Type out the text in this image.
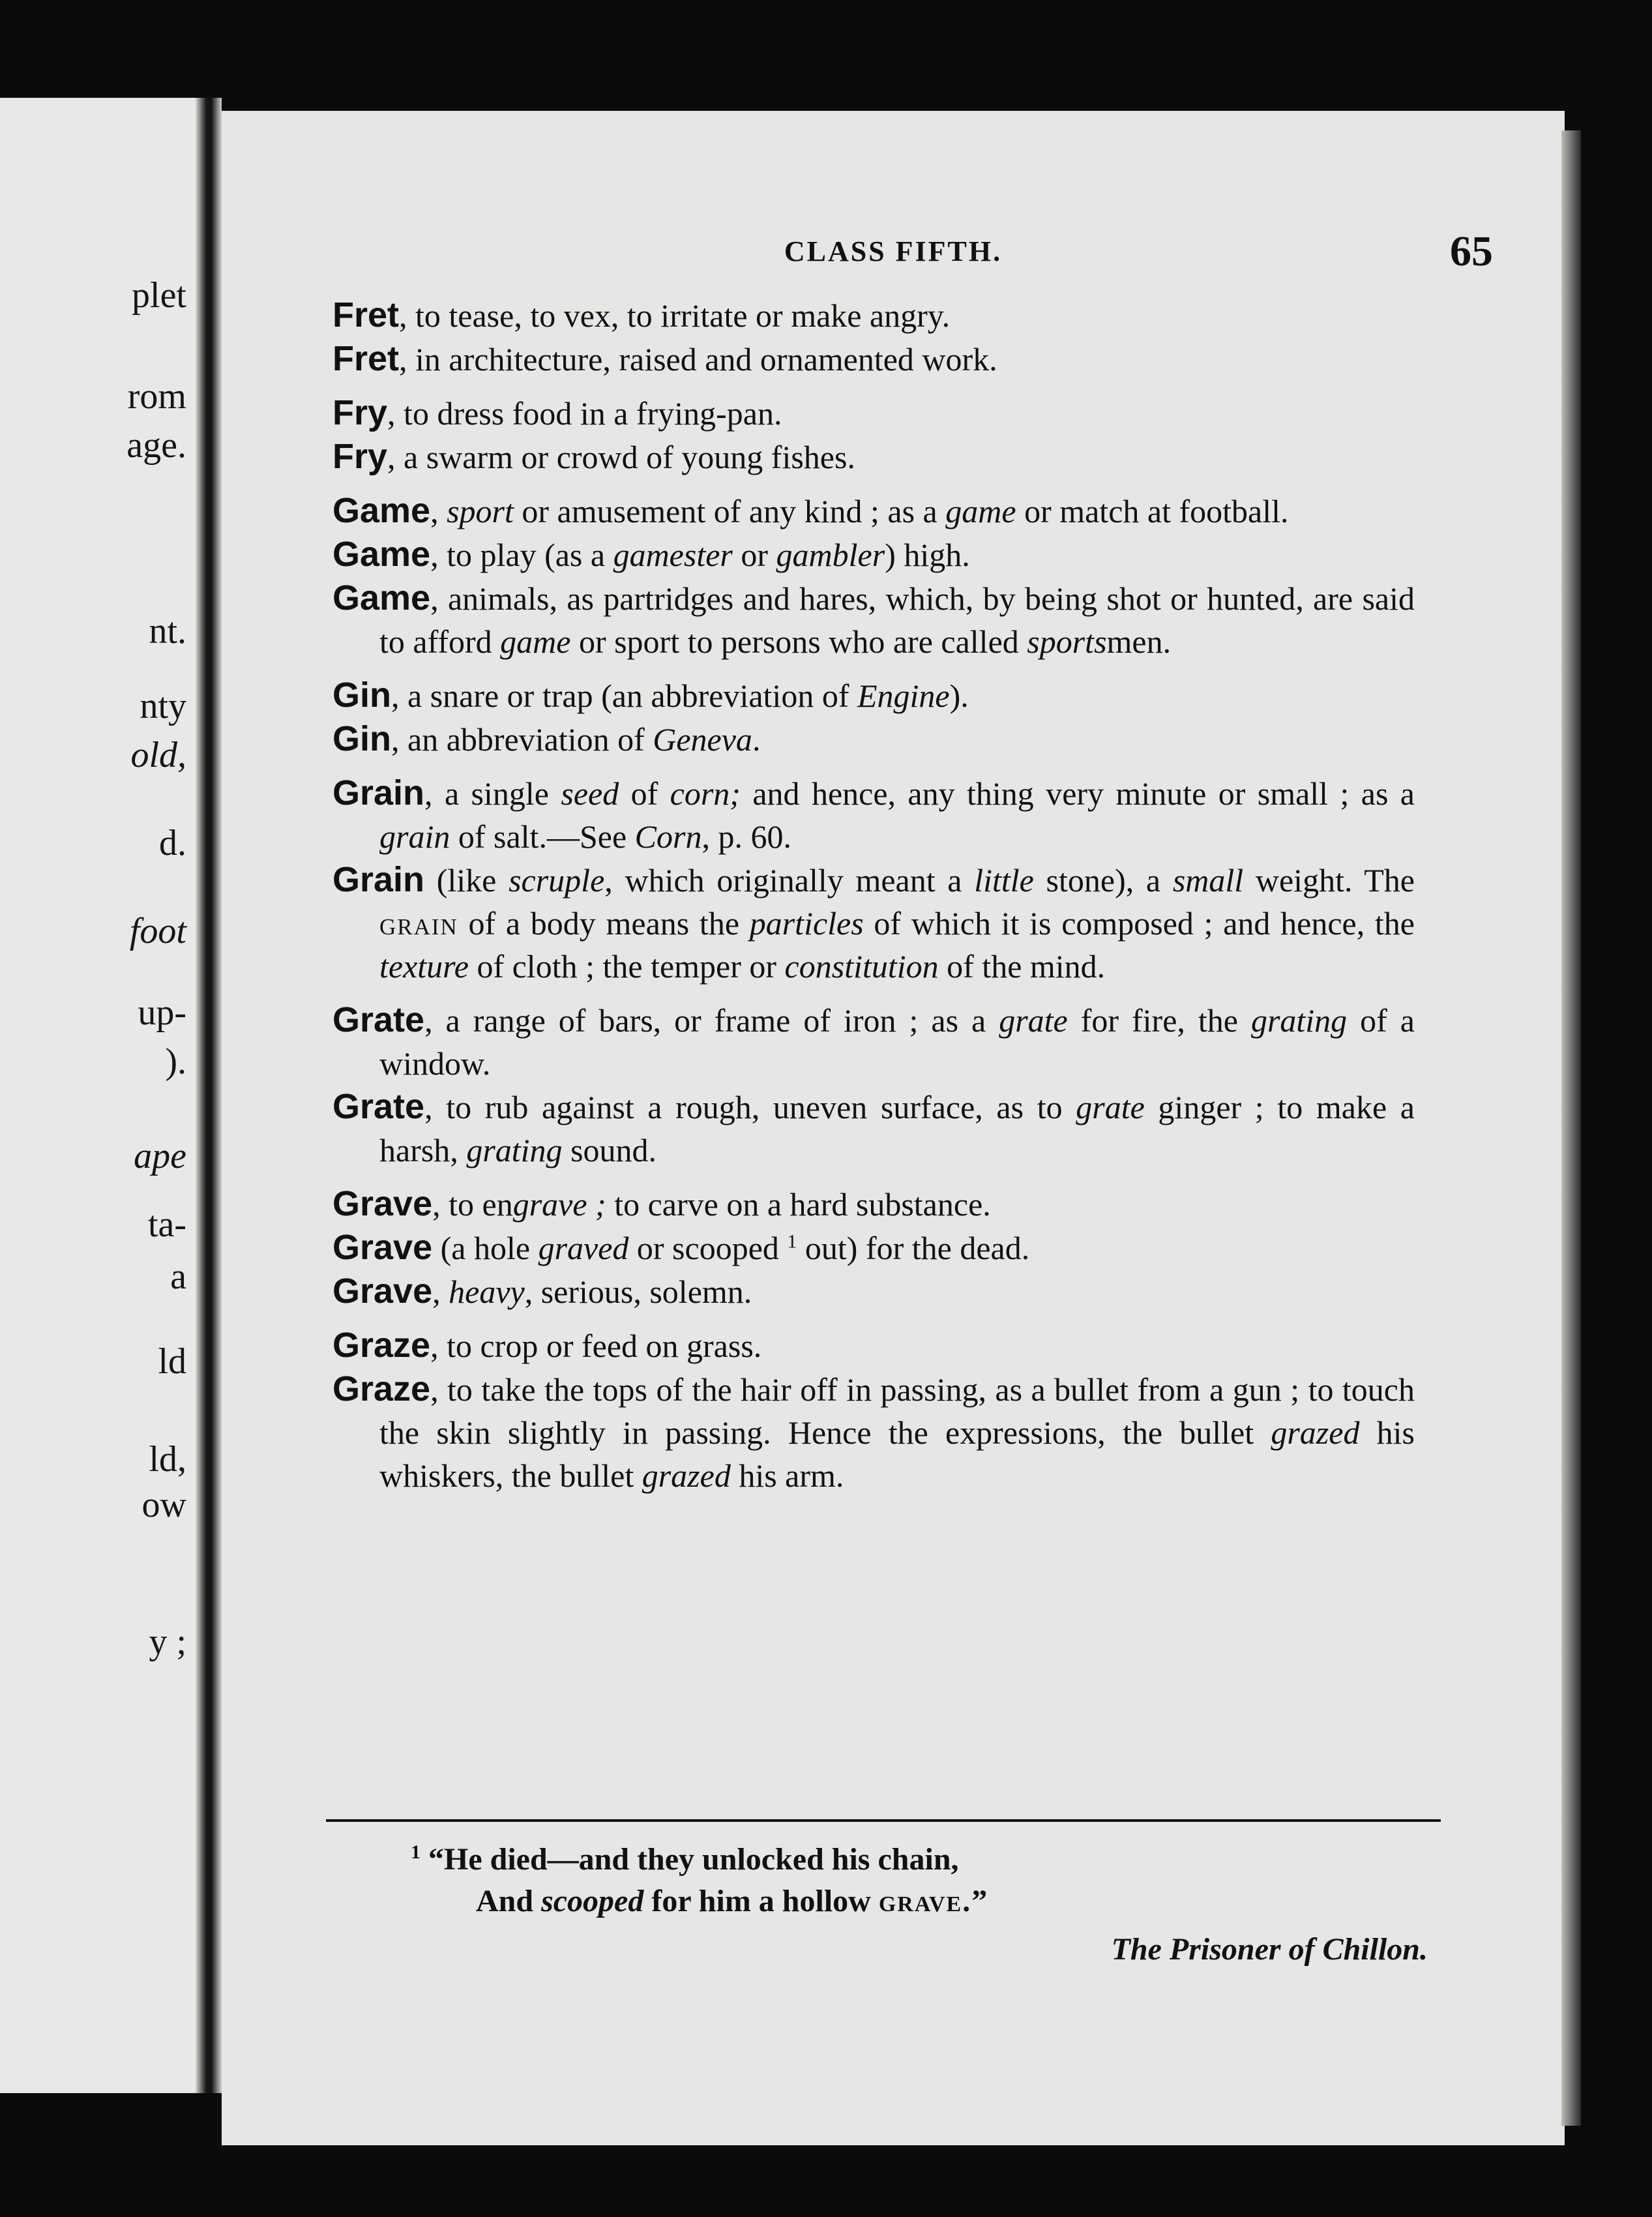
plet
rom
age.
nt.
nty
old,
d.
foot
up-
).
ape
ta-
a
ld
ld,
ow
y ;
CLASS FIFTH.	65
Fret, to tease, to vex, to irritate or make angry.
Fret, in architecture, raised and ornamented work.
Fry, to dress food in a frying-pan.
Fry, a swarm or crowd of young fishes.
Game, sport or amusement of any kind ; as a game or match at football.
Game, to play (as a gamester or gambler) high.
Game, animals, as partridges and hares, which, by being shot or hunted, are said to afford game or sport to persons who are called sportsmen.
Gin, a snare or trap (an abbreviation of Engine).
Gin, an abbreviation of Geneva.
Grain, a single seed of corn; and hence, any thing very minute or small ; as a grain of salt.—See Corn, p. 60.
Grain (like scruple, which originally meant a little stone), a small weight. The grain of a body means the particles of which it is composed ; and hence, the texture of cloth ; the temper or constitution of the mind.
Grate, a range of bars, or frame of iron ; as a grate for fire, the grating of a window.
Grate, to rub against a rough, uneven surface, as to grate ginger ; to make a harsh, grating sound.
Grave, to engrave ; to carve on a hard substance.
Grave (a hole graved or scooped $^1$ out) for the dead.
Grave, heavy, serious, solemn.
Graze, to crop or feed on grass.
Graze, to take the tops of the hair off in passing, as a bullet from a gun ; to touch the skin slightly in passing. Hence the expressions, the bullet grazed his whiskers, the bullet grazed his arm.
$^1$ “He died—and they unlocked his chain,
And scooped for him a hollow grave.”
The Prisoner of Chillon.
